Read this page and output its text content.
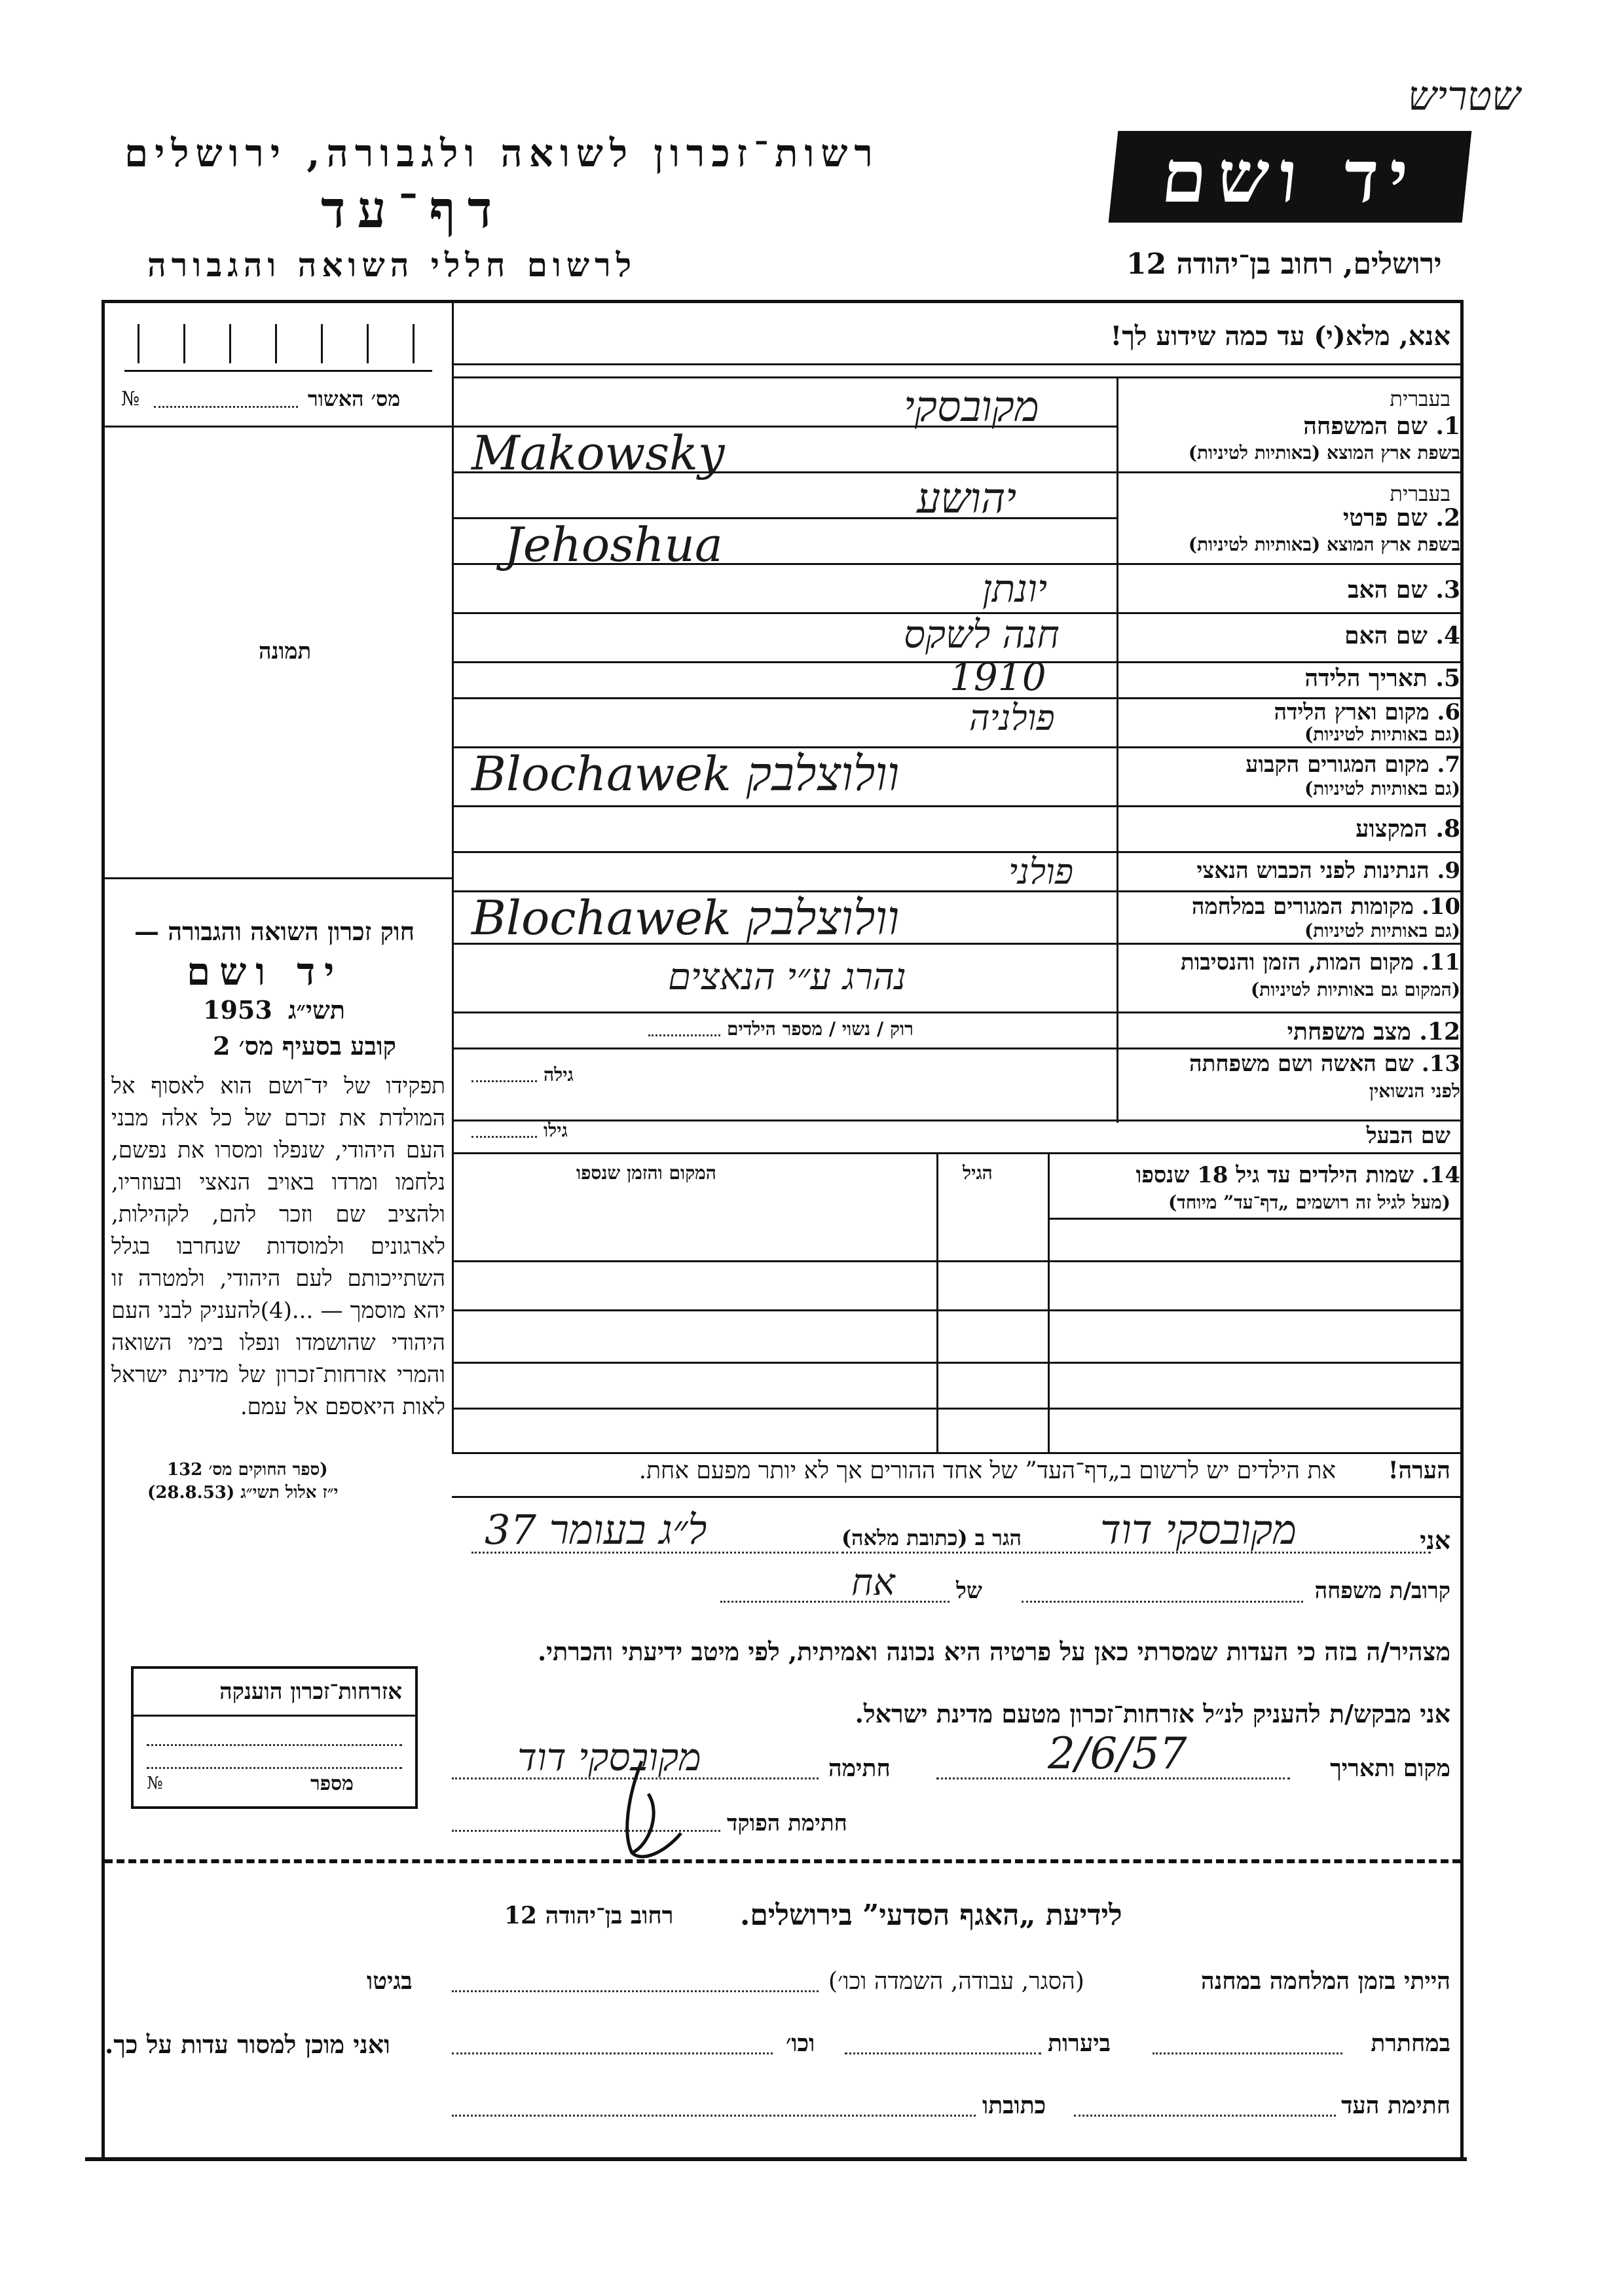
שטריש
רשות־זכרון לשואה ולגבורה, ירושלים
דף־עד
לרשום חללי השואה והגבורה
יד ושם
ירושלים, רחוב בן־יהודה 12
אנא, מלא(י) עד כמה שידוע לך!
№	מס׳ האשור
תמונה
חוק זכרון השואה והגבורה —
יד ושם
1953 תשי״ג
קובע בסעיף מס׳ 2
תפקידו של יד־ושם הוא לאסוף אל המולדת את זכרם של כל אלה מבני העם היהודי, שנפלו ומסרו את נפשם, נלחמו ומרדו באויב הנאצי ובעוזריו, ולהציב שם וזכר להם, לקהילות, לארגונים ולמוסדות שנחרבו בגלל השתייכותם לעם היהודי, ולמטרה זו יהא מוסמך — ...(4)להעניק לבני העם היהודי שהושמדו ונפלו בימי השואה והמרי אזרחות־זכרון של מדינת ישראל לאות היאספם אל עמם.
(ספר החוקים מס׳ 132
י״ז אלול תשי״ג (28.8.53)
אזרחות־זכרון הוענקה
№	מספר
בעברית
1. שם המשפחה
בשפת ארץ המוצא (באותיות לטיניות)
מקובסקי
Makowsky
בעברית
2. שם פרטי
בשפת ארץ המוצא (באותיות לטיניות)
יהושע
Jehoshua
3. שם האב
יונתן
4. שם האם
חנה לשקס
5. תאריך הלידה
1910
6. מקום וארץ הלידה
(גם באותיות לטיניות)
פולניה
7. מקום המגורים הקבוע
(גם באותיות לטיניות)
Blochawek וולוצלבק
8. המקצוע
9. הנתינות לפני הכבוש הנאצי
פולני
10. מקומות המגורים במלחמה
(גם באותיות לטיניות)
Blochawek וולוצלבק
11. מקום המות, הזמן והנסיבות
(המקום גם באותיות לטיניות)
נהרג ע״י הנאצים
12. מצב משפחתי
רוק / נשוי / מספר הילדים
13. שם האשה ושם משפחתה
לפני הנשואין
גילה
שם הבעל
גילו
14. שמות הילדים עד גיל 18 שנספו
(מעל לגיל זה רושמים „דף־עד” מיוחד)
הגיל
המקום והזמן שנספו
הערה!
את הילדים יש לרשום ב„דף־העד” של אחד ההורים אך לא יותר מפעם אחת.
אני
מקובסקי דוד
הגר ב (כתובת מלאה)
ל״ג בעומר 37
קרוב/ת משפחה
של
אח
מצהיר/ה בזה כי העדות שמסרתי כאן על פרטיה היא נכונה ואמיתית, לפי מיטב ידיעתי והכרתי.
אני מבקש/ת להעניק לנ״ל אזרחות־זכרון מטעם מדינת ישראל.
מקום ותאריך
2/6/57
חתימה
מקובסקי דוד
חתימת הפוקד
לידיעת „האגף הסדעי” בירושלים.
רחוב בן־יהודה 12
הייתי בזמן המלחמה במחנה
(הסגר, עבודה, השמדה וכו׳)
בגיטו
במחתרת
ביערות
וכו׳
ואני מוכן למסור עדות על כך.
חתימת העד
כתובתו
